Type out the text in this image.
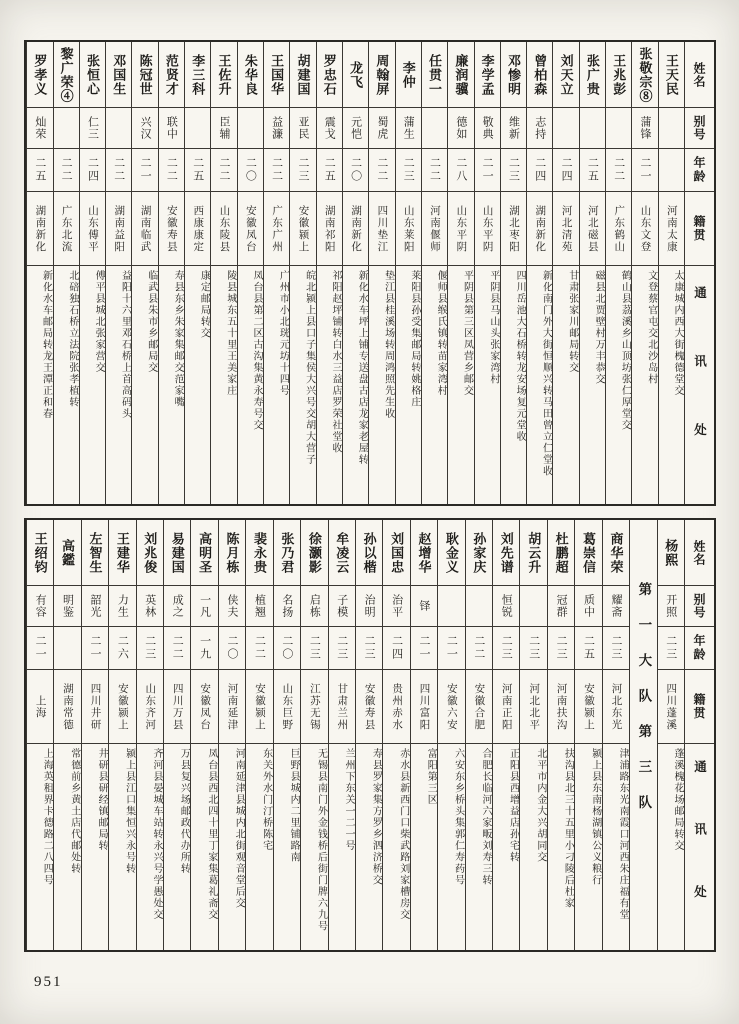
姓名
别号
年龄
籍贯
通讯处
王天民
河南太康
太康城内西大街槐德堂交
张敬宗⑧
蒲锋
二一
山东文登
文登蔡官屯交北沙岛村
王兆彭
二二
广东鹤山
鹤山县茘溪乡山顶坊张仁厚堂交
张广贵
二五
河北磁县
磁县北贾壁村万丰恭交
刘天立
二四
河北清苑
甘肃张家川邮局转交
曾柏森
志持
二四
湖南新化
新化南门外大街恒顺兴转马田曾立仁堂收
邓惨明
维新
二三
湖北枣阳
四川岳池大石桥转龙安场复元堂收
李学孟
敬典
二一
山东平阴
平阴县马山头张家湾村
廉润骥
德如
二八
山东平阴
平阴县第三区凤营乡邮交
任贯一
二二
河南偃师
偃师县缑氏镇转苗家湾村
李仲
蒲生
二三
山东莱阳
莱阳县孙受集邮局转姚格庄
周翰屏
蜀虎
二二
四川垫江
垫江县桂溪场转周鸿照先生收
龙飞
元恺
二〇
湖南新化
新化水车坪上铺专送盘古店龙家老屋转
罗忠石
震戈
二五
湖南祁阳
祁阳赵坪铺转白水三益店罗荣社堂收
胡建国
亚民
二三
安徽颍上
皖北颍上县口子集侯大兴号交胡大营子
王国华
益濂
二二
广东广州
广州市小北珖元坊十四号
朱华良
二〇
安徽凤台
凤台县第二区古沟集黄永寿号交
王佐升
臣辅
二二
山东陵县
陵县城东五十里王美家庄
李三科
二五
西康康定
康定邮局转交
范贤才
联中
二二
安徽寿县
寿县东乡朱家集邮交范家嘴
陈冠世
兴汉
二一
湖南临武
临武县朱市乡邮局交
邓国生
二二
湖南益阳
益阳十六里邓石桥上首高码头
张恒心
仁三
二四
山东傅平
傅平县城北张家营交
黎广荣④
二二
广东北流
北碚独石桥立法院张孝植转
罗孝义
灿荣
二五
湖南新化
新化水车邮局转龙王潭正和春
姓名
别号
年龄
籍贯
通讯处
杨熙
开照
二三
四川蓬溪
蓬溪槐花场邮局转交
第一大队第三队
商华荣
耀斋
二三
河北东光
津浦路东光南霞口河西朱庄福有堂
葛崇信
质中
二五
安徽颍上
颍上县东南杨湖镇公义粮行
杜鹏超
冠群
二三
河南扶沟
扶沟县北三十五里小刁陵后杜家
胡云升
二三
河北北平
北平市内金大兴胡同交
刘先谱
恒锐
二三
河南正阳
正阳县西增益店孙宅转
孙家庆
二二
安徽合肥
合肥长临河六家畈刘寿三转
耿金义
二一
安徽六安
六安东乡桥头集郭仁寿药号
赵增华
铎
二一
四川富阳
富阳第三区
刘国忠
治平
二四
贵州赤水
赤水县新西门口柴武路刘家槽房交
孙以楷
治明
二三
安徽寿县
寿县罗家集方罗乡泗济桥交
牟凌云
子模
二三
甘肃兰州
兰州下东关一二一号
徐灏影
启栋
二三
江苏无锡
无锡县南门外金钱桥后街门牌六九号
张乃君
名扬
二〇
山东巨野
巨野县城内二里铺路南
裴永贵
植翘
二二
安徽颍上
东关外水门汀桥陈宅
陈月栋
侠夫
二〇
河南延津
河南延津县城内北街观音堂后交
高明圣
一凡
一九
安徽凤台
凤台县西北四十里丁家集葛礼斋交
易建国
成之
二二
四川万县
万县复兴场邮政代办所转
刘兆俊
英林
二三
山东齐河
齐河县晏城车站转永兴号学愚处交
王建华
力生
二六
安徽颍上
颍上县江口集恒兴永号转
左智生
韶光
二一
四川井研
井研县研经镇邮局转
高鑑
明鉴
湖南常德
常德前乡黄土店代邮处转
王绍钧
有容
二一
上海
上海英租界卡德路二八四号
951
